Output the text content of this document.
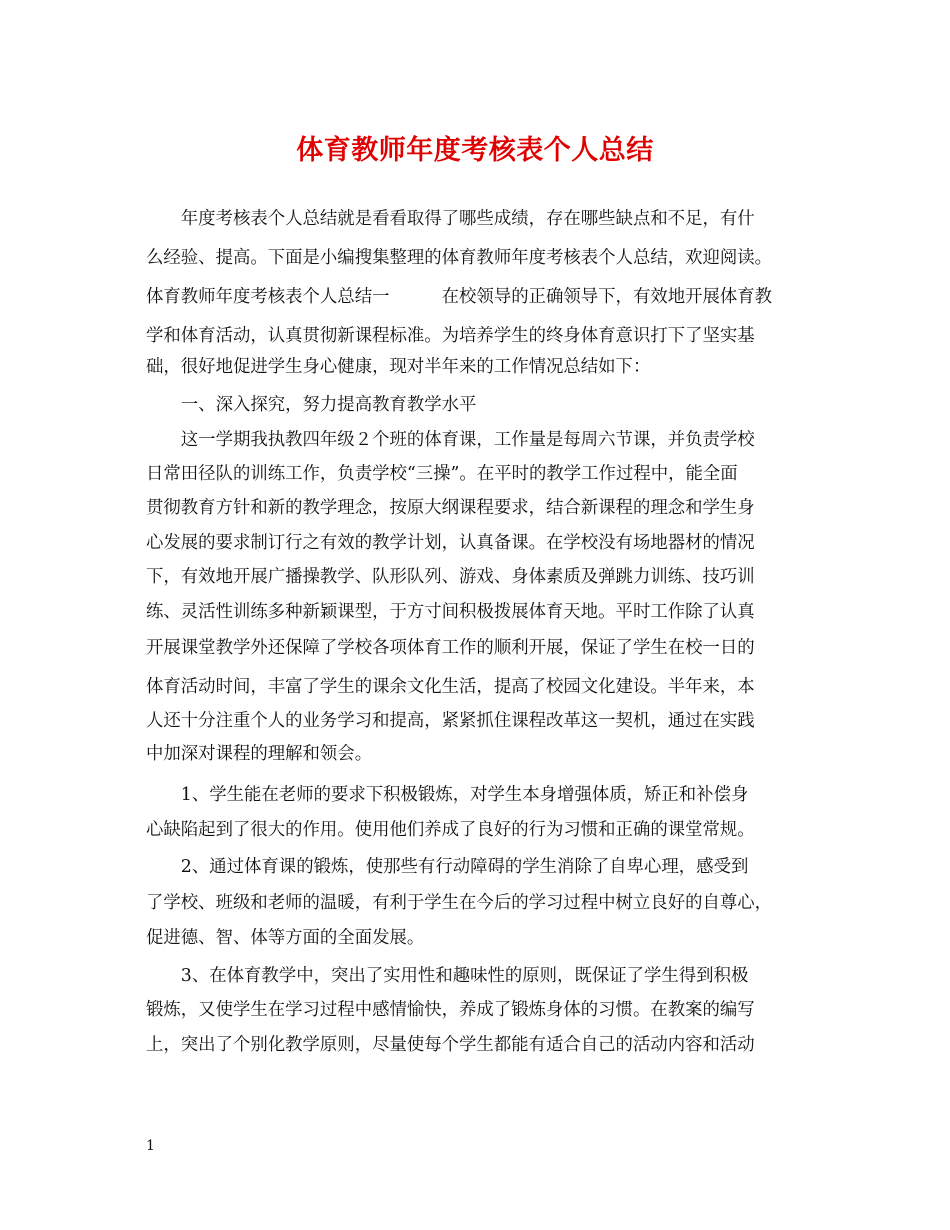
体育教师年度考核表个人总结
　　年度考核表个人总结就是看看取得了哪些成绩，存在哪些缺点和不足，有什
么经验、提高。下面是小编搜集整理的体育教师年度考核表个人总结，欢迎阅读。
体育教师年度考核表个人总结一　　　在校领导的正确领导下，有效地开展体育教
学和体育活动，认真贯彻新课程标准。为培养学生的终身体育意识打下了坚实基
础，很好地促进学生身心健康，现对半年来的工作情况总结如下：
　　一、深入探究，努力提高教育教学水平
　　这一学期我执教四年级２个班的体育课，工作量是每周六节课，并负责学校
日常田径队的训练工作，负责学校“三操”。在平时的教学工作过程中，能全面
贯彻教育方针和新的教学理念，按原大纲课程要求，结合新课程的理念和学生身
心发展的要求制订行之有效的教学计划，认真备课。在学校没有场地器材的情况
下，有效地开展广播操教学、队形队列、游戏、身体素质及弹跳力训练、技巧训
练、灵活性训练多种新颖课型，于方寸间积极拨展体育天地。平时工作除了认真
开展课堂教学外还保障了学校各项体育工作的顺利开展，保证了学生在校一日的
体育活动时间，丰富了学生的课余文化生活，提高了校园文化建设。半年来，本
人还十分注重个人的业务学习和提高，紧紧抓住课程改革这一契机，通过在实践
中加深对课程的理解和领会。
　　1、学生能在老师的要求下积极锻炼，对学生本身增强体质，矫正和补偿身
心缺陷起到了很大的作用。使用他们养成了良好的行为习惯和正确的课堂常规。
　　2、通过体育课的锻炼，使那些有行动障碍的学生消除了自卑心理，感受到
了学校、班级和老师的温暖，有利于学生在今后的学习过程中树立良好的自尊心，
促进德、智、体等方面的全面发展。
　　3、在体育教学中，突出了实用性和趣味性的原则，既保证了学生得到积极
锻炼，又使学生在学习过程中感情愉快，养成了锻炼身体的习惯。在教案的编写
上，突出了个别化教学原则，尽量使每个学生都能有适合自己的活动内容和活动
1
